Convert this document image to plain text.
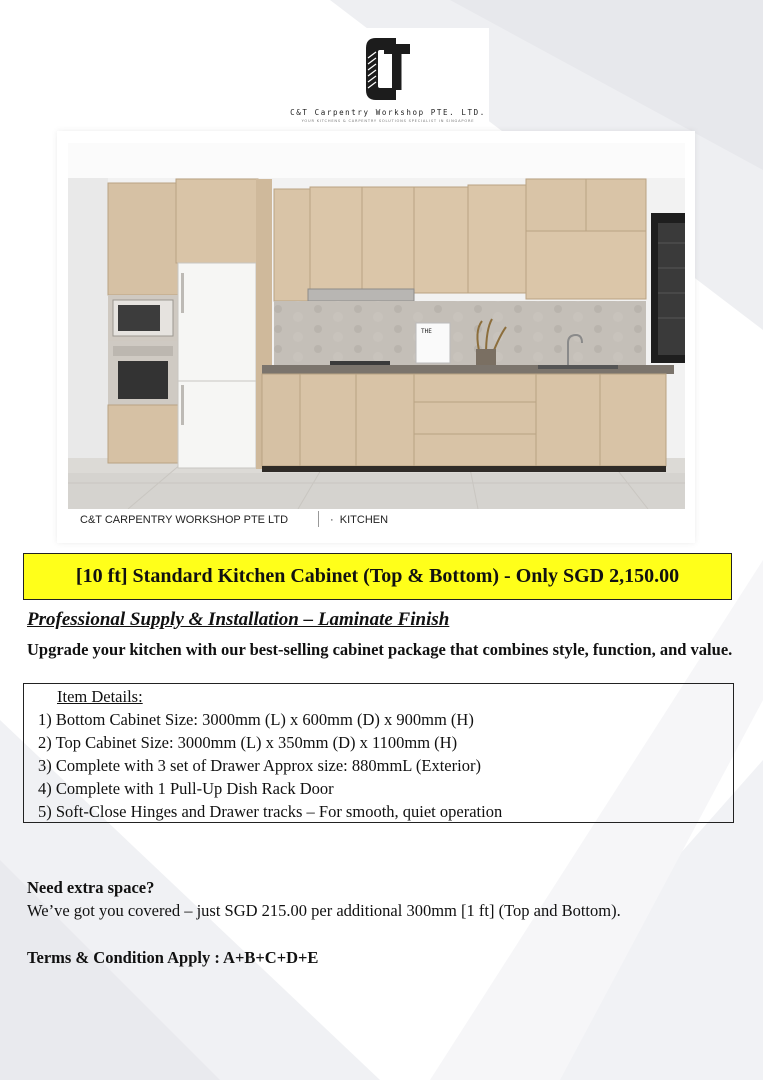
C&T Carpentry Workshop PTE. LTD.
YOUR KITCHENS & CARPENTRY SOLUTIONS SPECIALIST IN SINGAPORE
THE
C&T CARPENTRY WORKSHOP PTE LTD	·  KITCHEN
[10 ft] Standard Kitchen Cabinet (Top & Bottom) - Only SGD 2,150.00
Professional Supply & Installation – Laminate Finish
Upgrade your kitchen with our best-selling cabinet package that combines style, function, and value.
Item Details:
1) Bottom Cabinet Size: 3000mm (L) x 600mm (D) x 900mm (H)
2) Top Cabinet Size: 3000mm (L) x 350mm (D) x 1100mm (H)
3) Complete with 3 set of Drawer Approx size: 880mmL (Exterior)
4) Complete with 1 Pull-Up Dish Rack Door
5) Soft-Close Hinges and Drawer tracks – For smooth, quiet operation
Need extra space?
We’ve got you covered – just SGD 215.00 per additional 300mm [1 ft] (Top and Bottom).
Terms & Condition Apply : A+B+C+D+E
